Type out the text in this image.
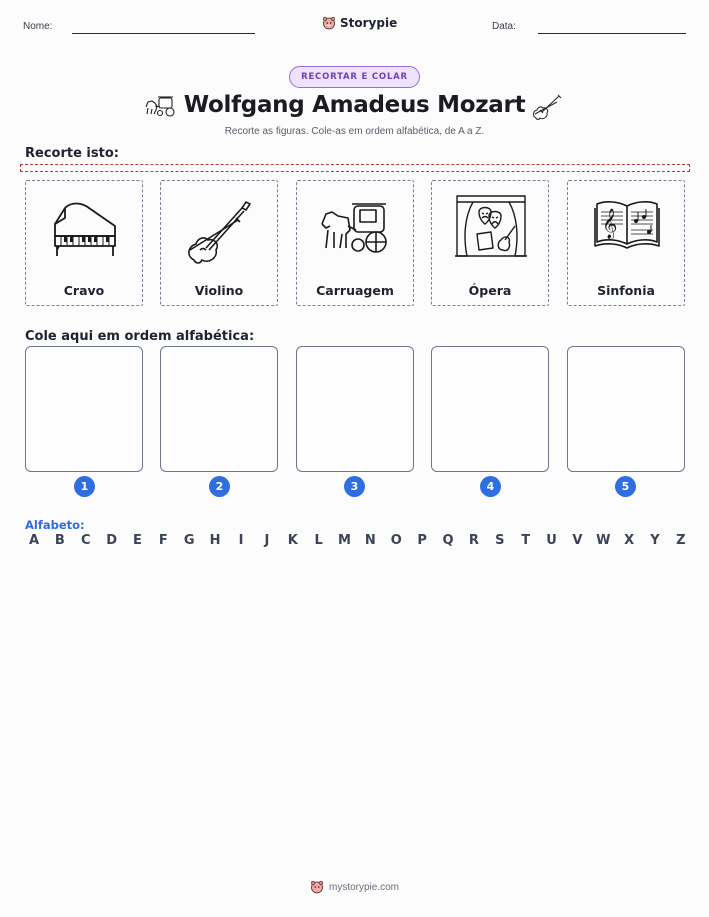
Nome:	Storypie	Data:
RECORTAR E COLAR
Wolfgang Amadeus Mozart
Recorte as figuras. Cole-as em ordem alfabética, de A a Z.
Recorte isto:
Cravo	Violino	Carruagem	Ópera
𝄞
Sinfonia
Cole aqui em ordem alfabética:
1	2	3	4	5
Alfabeto:
A	B	C	D	E	F	G H	I	J	K	L	M N O	P	Q	R	S	T	U	V	W	X	Y	Z
mystorypie.com
